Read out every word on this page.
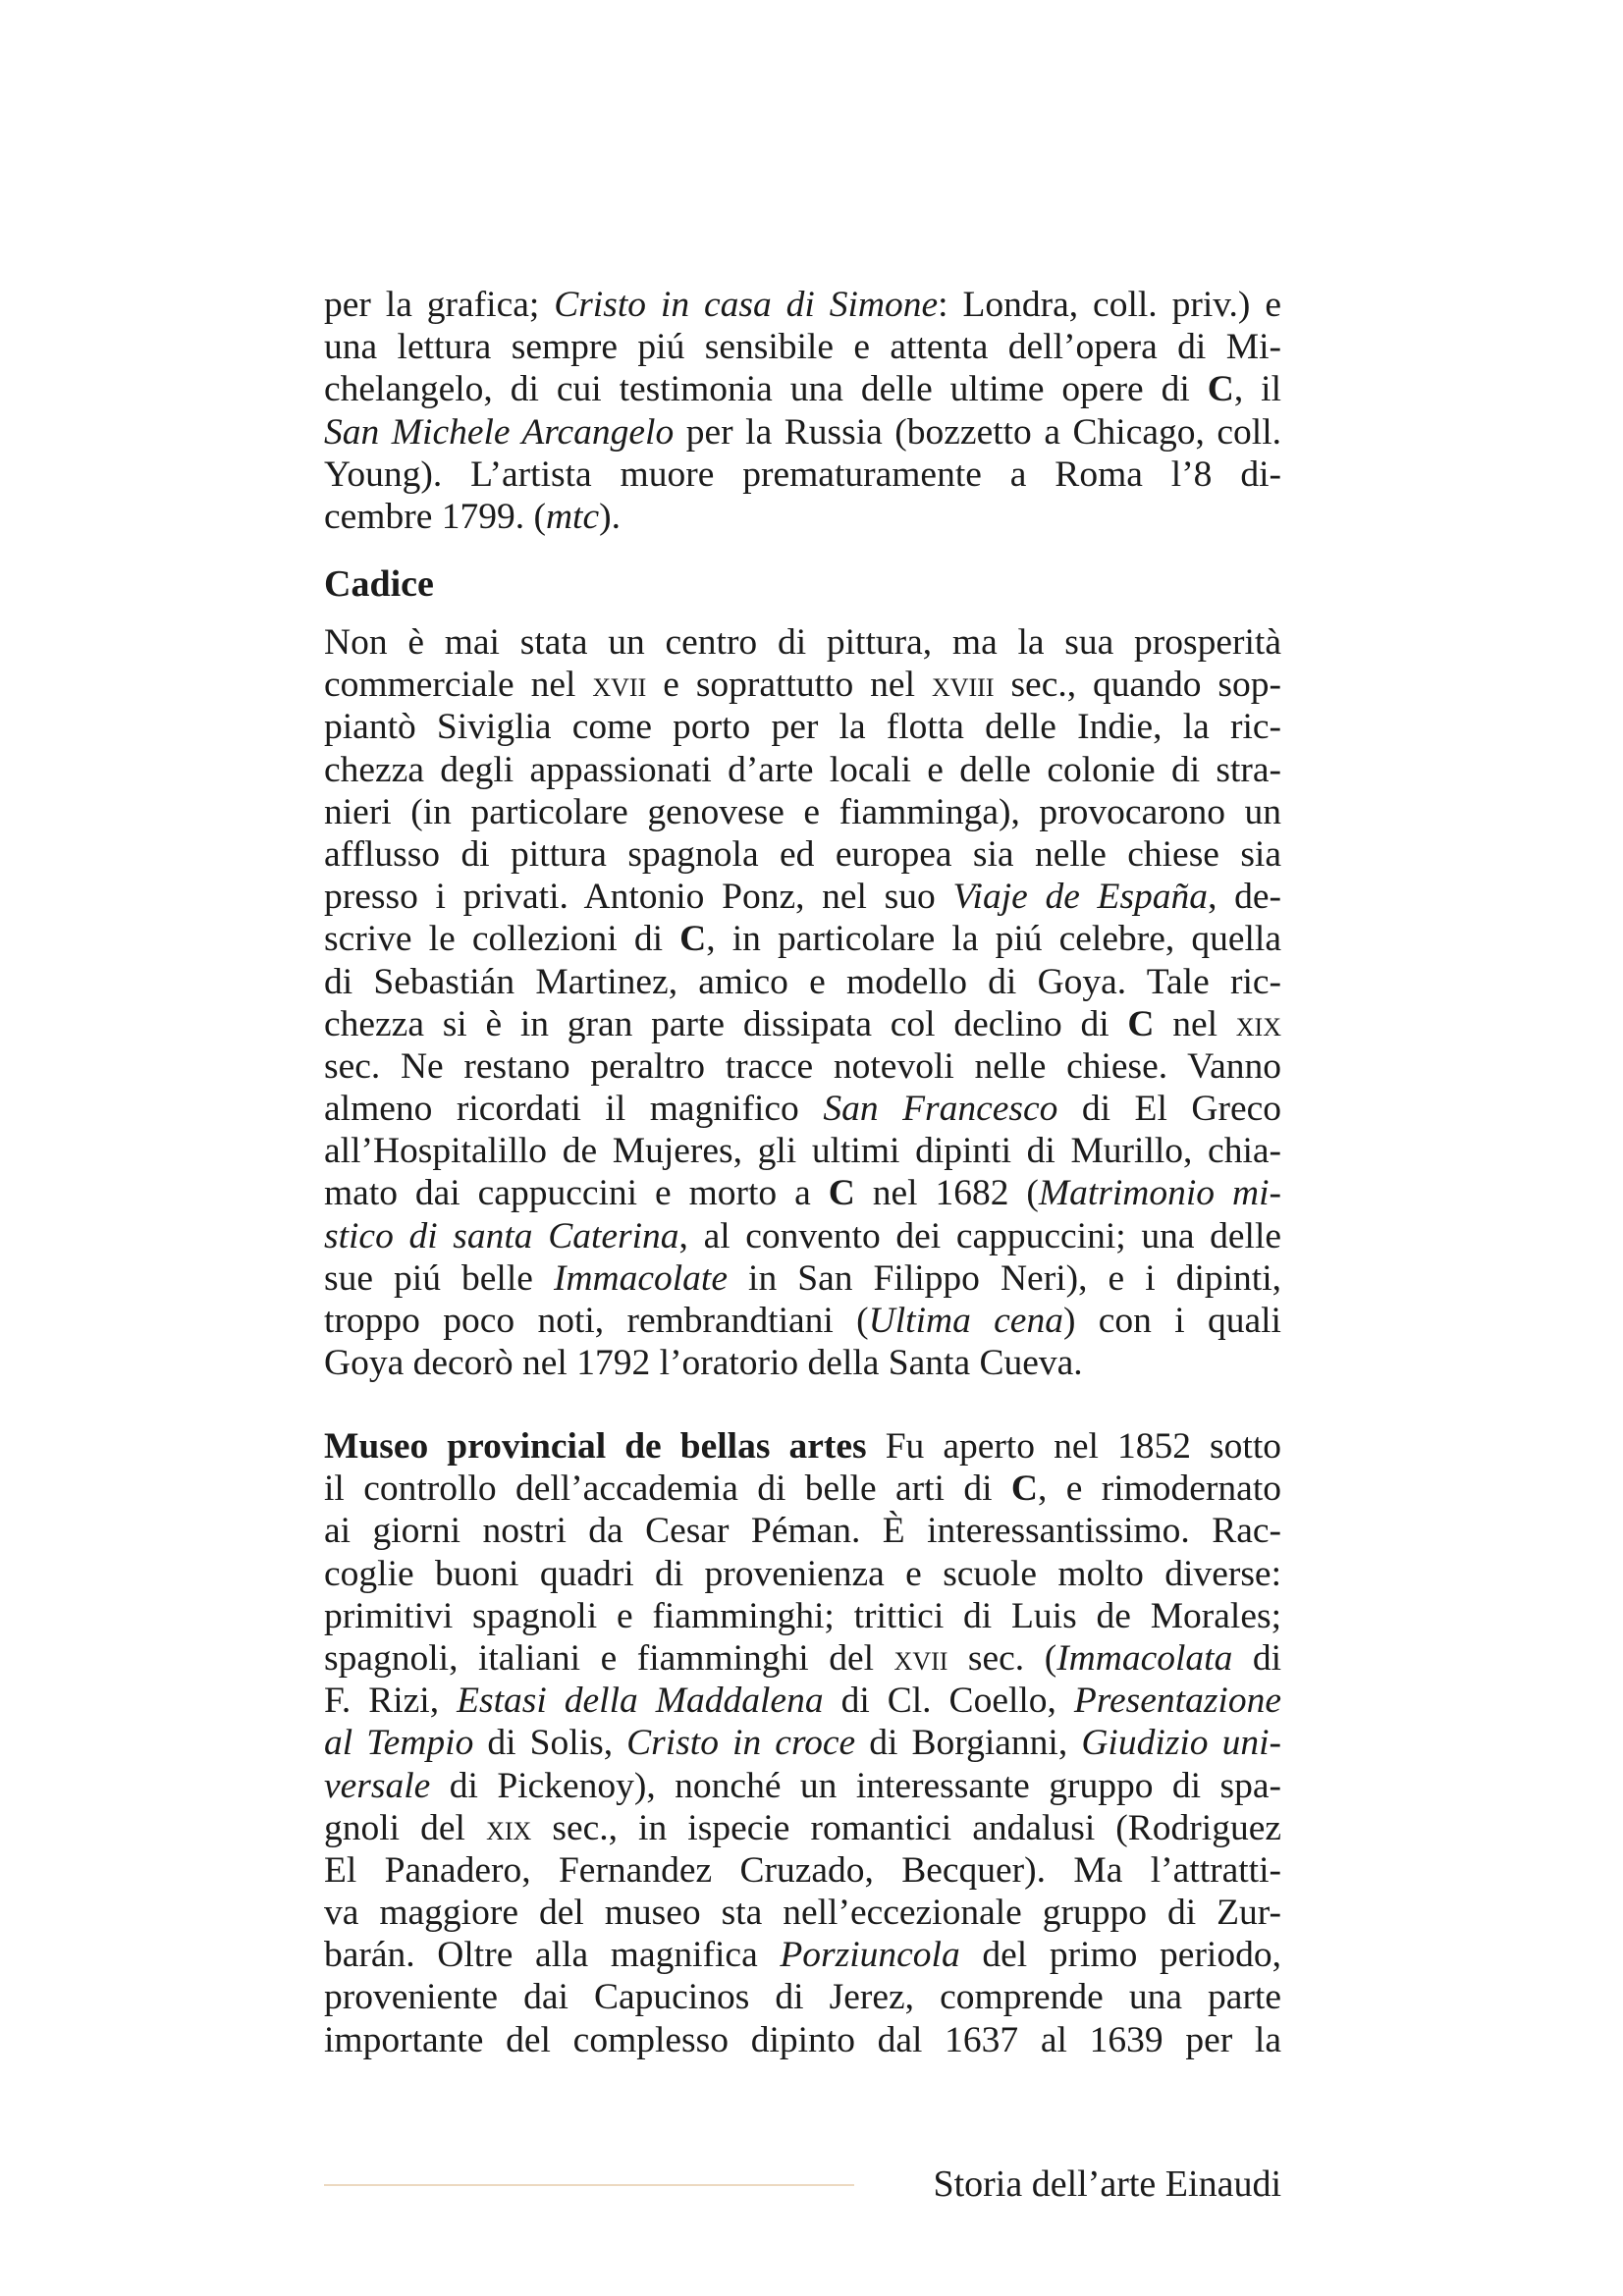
per la grafica; Cristo in casa di Simone: Londra, coll. priv.) e
una lettura sempre piú sensibile e attenta dell’opera di Mi-
chelangelo, di cui testimonia una delle ultime opere di C, il
San Michele Arcangelo per la Russia (bozzetto a Chicago, coll.
Young). L’artista muore prematuramente a Roma l’8 di-
cembre 1799. (mtc).
Cadice
Non è mai stata un centro di pittura, ma la sua prosperità
commerciale nel xvii e soprattutto nel xviii sec., quando sop-
piantò Siviglia come porto per la flotta delle Indie, la ric-
chezza degli appassionati d’arte locali e delle colonie di stra-
nieri (in particolare genovese e fiamminga), provocarono un
afflusso di pittura spagnola ed europea sia nelle chiese sia
presso i privati. Antonio Ponz, nel suo Viaje de España, de-
scrive le collezioni di C, in particolare la piú celebre, quella
di Sebastián Martinez, amico e modello di Goya. Tale ric-
chezza si è in gran parte dissipata col declino di C nel xix
sec. Ne restano peraltro tracce notevoli nelle chiese. Vanno
almeno ricordati il magnifico San Francesco di El Greco
all’Hospitalillo de Mujeres, gli ultimi dipinti di Murillo, chia-
mato dai cappuccini e morto a C nel 1682 (Matrimonio mi-
stico di santa Caterina, al convento dei cappuccini; una delle
sue piú belle Immacolate in San Filippo Neri), e i dipinti,
troppo poco noti, rembrandtiani (Ultima cena) con i quali
Goya decorò nel 1792 l’oratorio della Santa Cueva.
Museo provincial de bellas artes Fu aperto nel 1852 sotto
il controllo dell’accademia di belle arti di C, e rimodernato
ai giorni nostri da Cesar Péman. È interessantissimo. Rac-
coglie buoni quadri di provenienza e scuole molto diverse:
primitivi spagnoli e fiamminghi; trittici di Luis de Morales;
spagnoli, italiani e fiamminghi del xvii sec. (Immacolata di
F. Rizi, Estasi della Maddalena di Cl. Coello, Presentazione
al Tempio di Solis, Cristo in croce di Borgianni, Giudizio uni-
versale di Pickenoy), nonché un interessante gruppo di spa-
gnoli del xix sec., in ispecie romantici andalusi (Rodriguez
El Panadero, Fernandez Cruzado, Becquer). Ma l’attratti-
va maggiore del museo sta nell’eccezionale gruppo di Zur-
barán. Oltre alla magnifica Porziuncola del primo periodo,
proveniente dai Capucinos di Jerez, comprende una parte
importante del complesso dipinto dal 1637 al 1639 per la
Storia dell’arte Einaudi
